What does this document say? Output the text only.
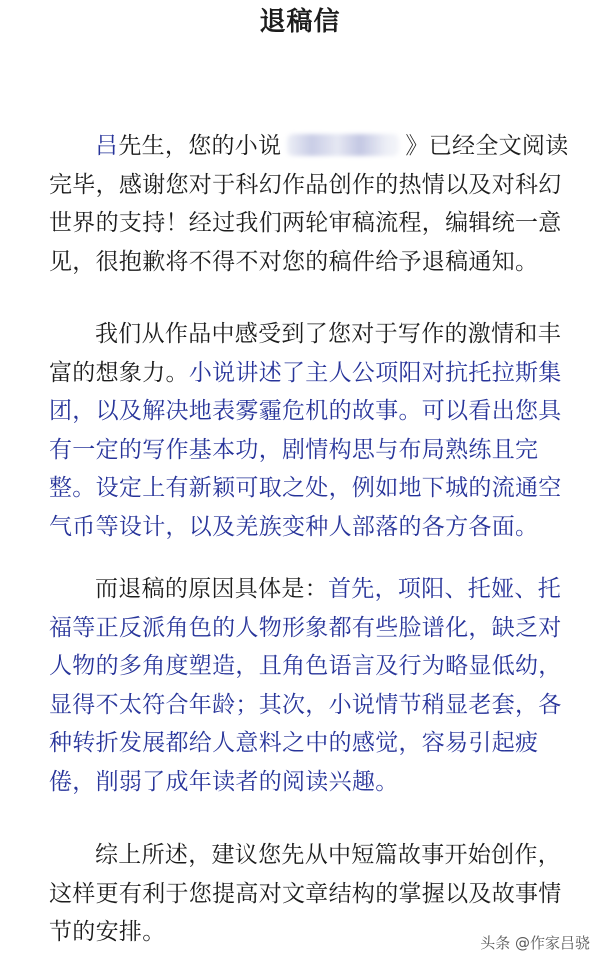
退稿信

吕先生，您的小说	》已经全文阅读完毕，感谢您对于科幻作品创作的热情以及对科幻世界的支持！经过我们两轮审稿流程，编辑统一意见，很抱歉将不得不对您的稿件给予退稿通知。

我们从作品中感受到了您对于写作的激情和丰富的想象力。小说讲述了主人公项阳对抗托拉斯集团，以及解决地表雾霾危机的故事。可以看出您具有一定的写作基本功，剧情构思与布局熟练且完整。设定上有新颖可取之处，例如地下城的流通空气币等设计，以及羌族变种人部落的各方各面。

而退稿的原因具体是：首先，项阳、托娅、托福等正反派角色的人物形象都有些脸谱化，缺乏对人物的多角度塑造，且角色语言及行为略显低幼，显得不太符合年龄；其次，小说情节稍显老套，各种转折发展都给人意料之中的感觉，容易引起疲倦，削弱了成年读者的阅读兴趣。

综上所述，建议您先从中短篇故事开始创作，这样更有利于您提高对文章结构的掌握以及故事情节的安排。	头条 @作家吕骁
